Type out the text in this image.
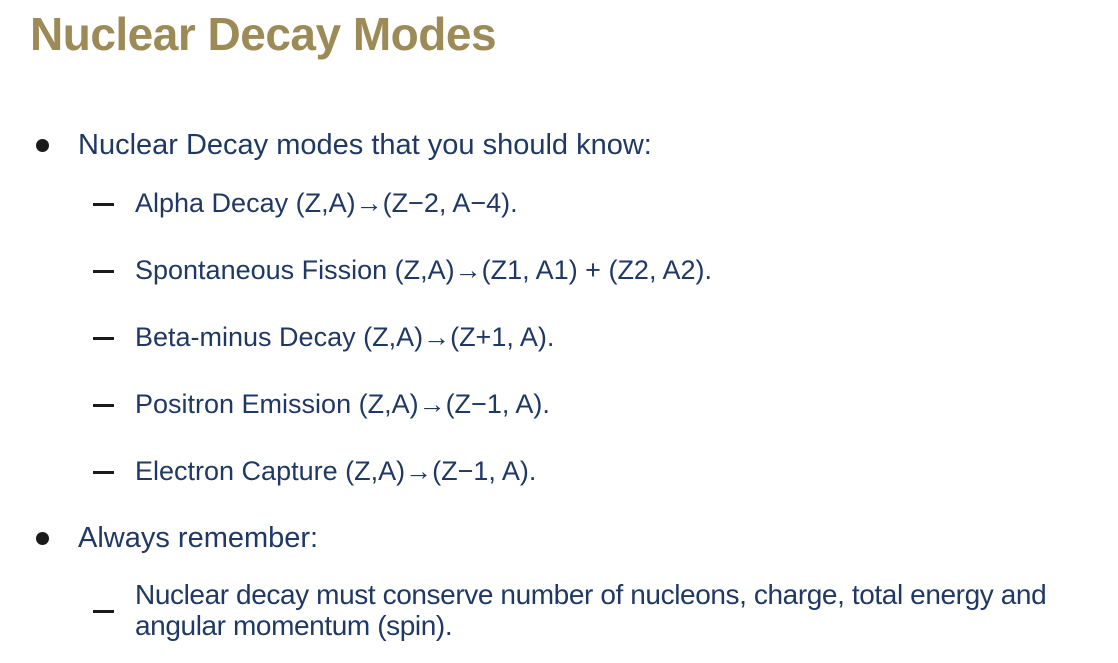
Nuclear Decay Modes
Nuclear Decay modes that you should know:
Alpha Decay (Z,A)→(Z−2, A−4).
Spontaneous Fission (Z,A)→(Z1, A1) + (Z2, A2).
Beta-minus Decay (Z,A)→(Z+1, A).
Positron Emission (Z,A)→(Z−1, A).
Electron Capture (Z,A)→(Z−1, A).
Always remember:
Nuclear decay must conserve number of nucleons, charge, total energy and angular momentum (spin).
